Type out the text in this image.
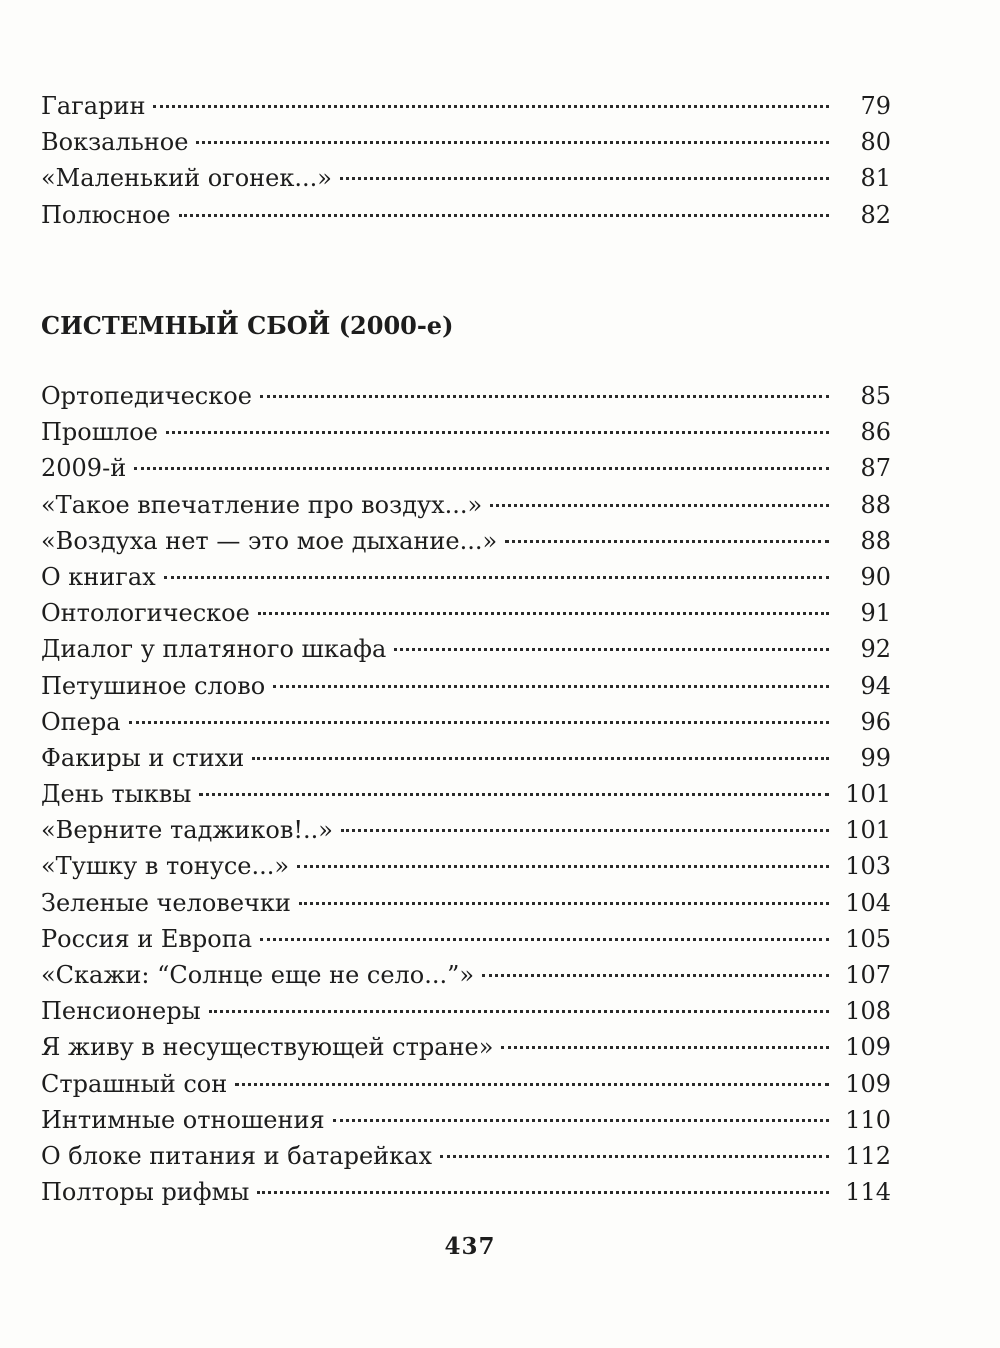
Гагарин	79
Вокзальное	80
«Маленький огонек...»	81
Полюсное	82
СИСТЕМНЫЙ СБОЙ (2000-е)
Ортопедическое	85
Прошлое	86
2009-й	87
«Такое впечатление про воздух...»	88
«Воздуха нет — это мое дыхание...»	88
О книгах	90
Онтологическое	91
Диалог у платяного шкафа	92
Петушиное слово	94
Опера	96
Факиры и стихи	99
День тыквы	101
«Верните таджиков!..»	101
«Тушку в тонусе...»	103
Зеленые человечки	104
Россия и Европа	105
«Скажи: “Солнце еще не село...”»	107
Пенсионеры	108
Я живу в несуществующей стране»	109
Страшный сон	109
Интимные отношения	110
О блоке питания и батарейках	112
Полторы рифмы	114
437
